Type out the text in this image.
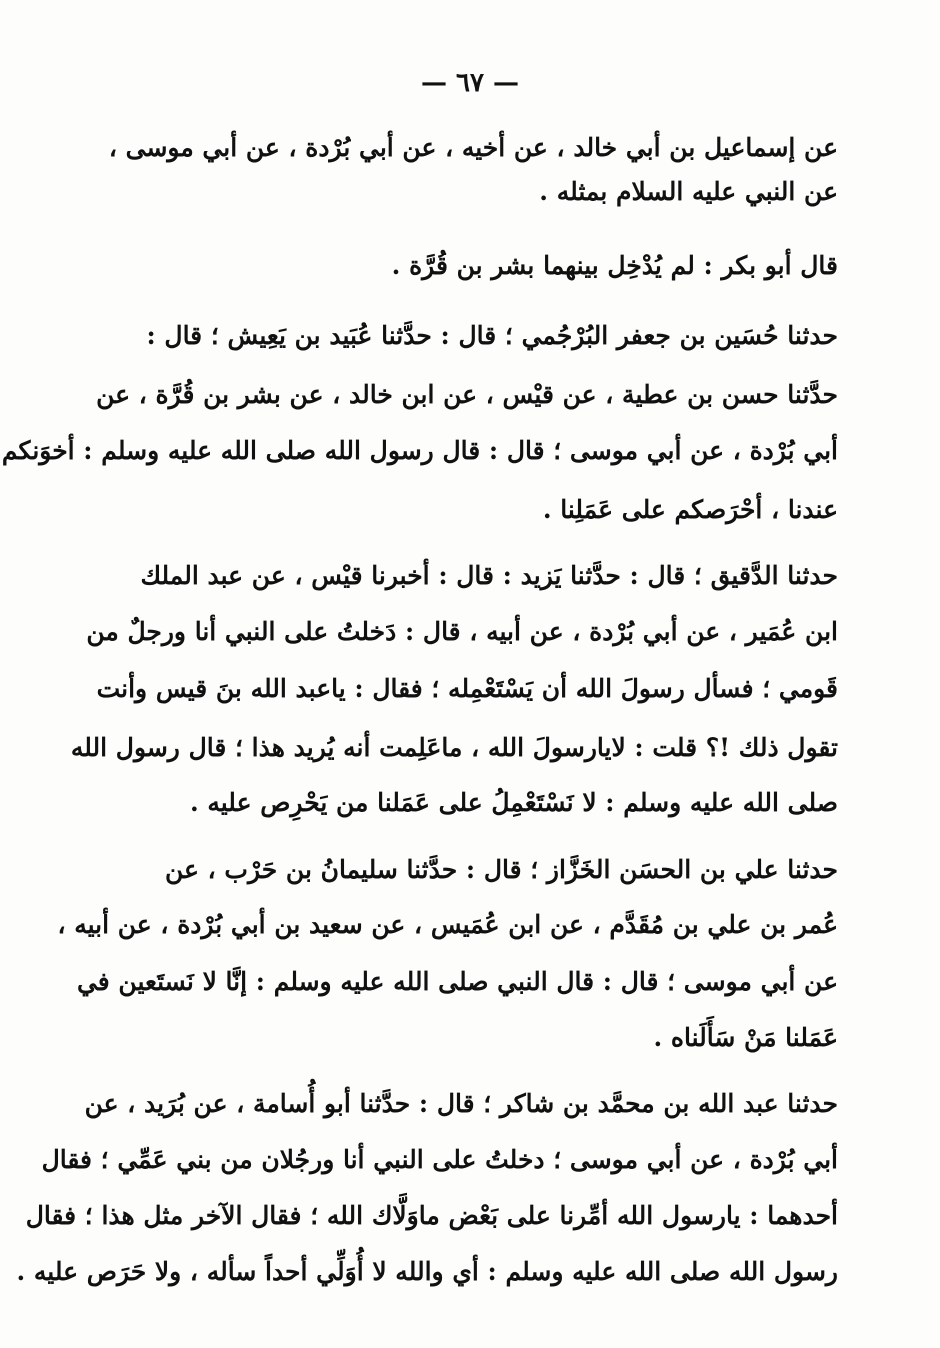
— ٦٧ —
عن إسماعيل بن أبي خالد ، عن أخيه ، عن أبي بُرْدة ، عن أبي موسى ،
عن النبي عليه السلام بمثله .
قال أبو بكر : لم يُدْخِل بينهما بشر بن قُرَّة .
حدثنا حُسَين بن جعفر البُرْجُمي ؛ قال : حدَّثنا عُبَيد بن يَعِيش ؛ قال :
حدَّثنا حسن بن عطية ، عن قيْس ، عن ابن خالد ، عن بشر بن قُرَّة ، عن
أبي بُرْدة ، عن أبي موسى ؛ قال : قال رسول الله صلى الله عليه وسلم : أخوَنكم
عندنا ، أحْرَصكم على عَمَلِنا .
حدثنا الدَّقيق ؛ قال : حدَّثنا يَزيد : قال : أخبرنا قيْس ، عن عبد الملك
ابن عُمَير ، عن أبي بُرْدة ، عن أبيه ، قال : دَخلتُ على النبي أنا ورجلٌ من
قَومي ؛ فسأل رسولَ الله أن يَسْتَعْمِله ؛ فقال : ياعبد الله بنَ قيس وأنت
تقول ذلك !؟ قلت : لايارسولَ الله ، ماعَلِمت أنه يُريد هذا ؛ قال رسول الله
صلى الله عليه وسلم : لا نَسْتَعْمِلُ على عَمَلنا من يَحْرِص عليه .
حدثنا علي بن الحسَن الخَزَّاز ؛ قال : حدَّثنا سليمانُ بن حَرْب ، عن
عُمر بن علي بن مُقَدَّم ، عن ابن عُمَيس ، عن سعيد بن أبي بُرْدة ، عن أبيه ،
عن أبي موسى ؛ قال : قال النبي صلى الله عليه وسلم : إنَّا لا نَستَعين في
عَمَلنا مَنْ سَأَلَناه .
حدثنا عبد الله بن محمَّد بن شاكر ؛ قال : حدَّثنا أبو أُسامة ، عن بُرَيد ، عن
أبي بُرْدة ، عن أبي موسى ؛ دخلتُ على النبي أنا ورجُلان من بني عَمِّي ؛ فقال
أحدهما : يارسول الله أمِّرنا على بَعْض ماوَلَّاك الله ؛ فقال الآخر مثل هذا ؛ فقال
رسول الله صلى الله عليه وسلم : أي والله لا أُوَلِّي أحداً سأله ، ولا حَرَص عليه .
